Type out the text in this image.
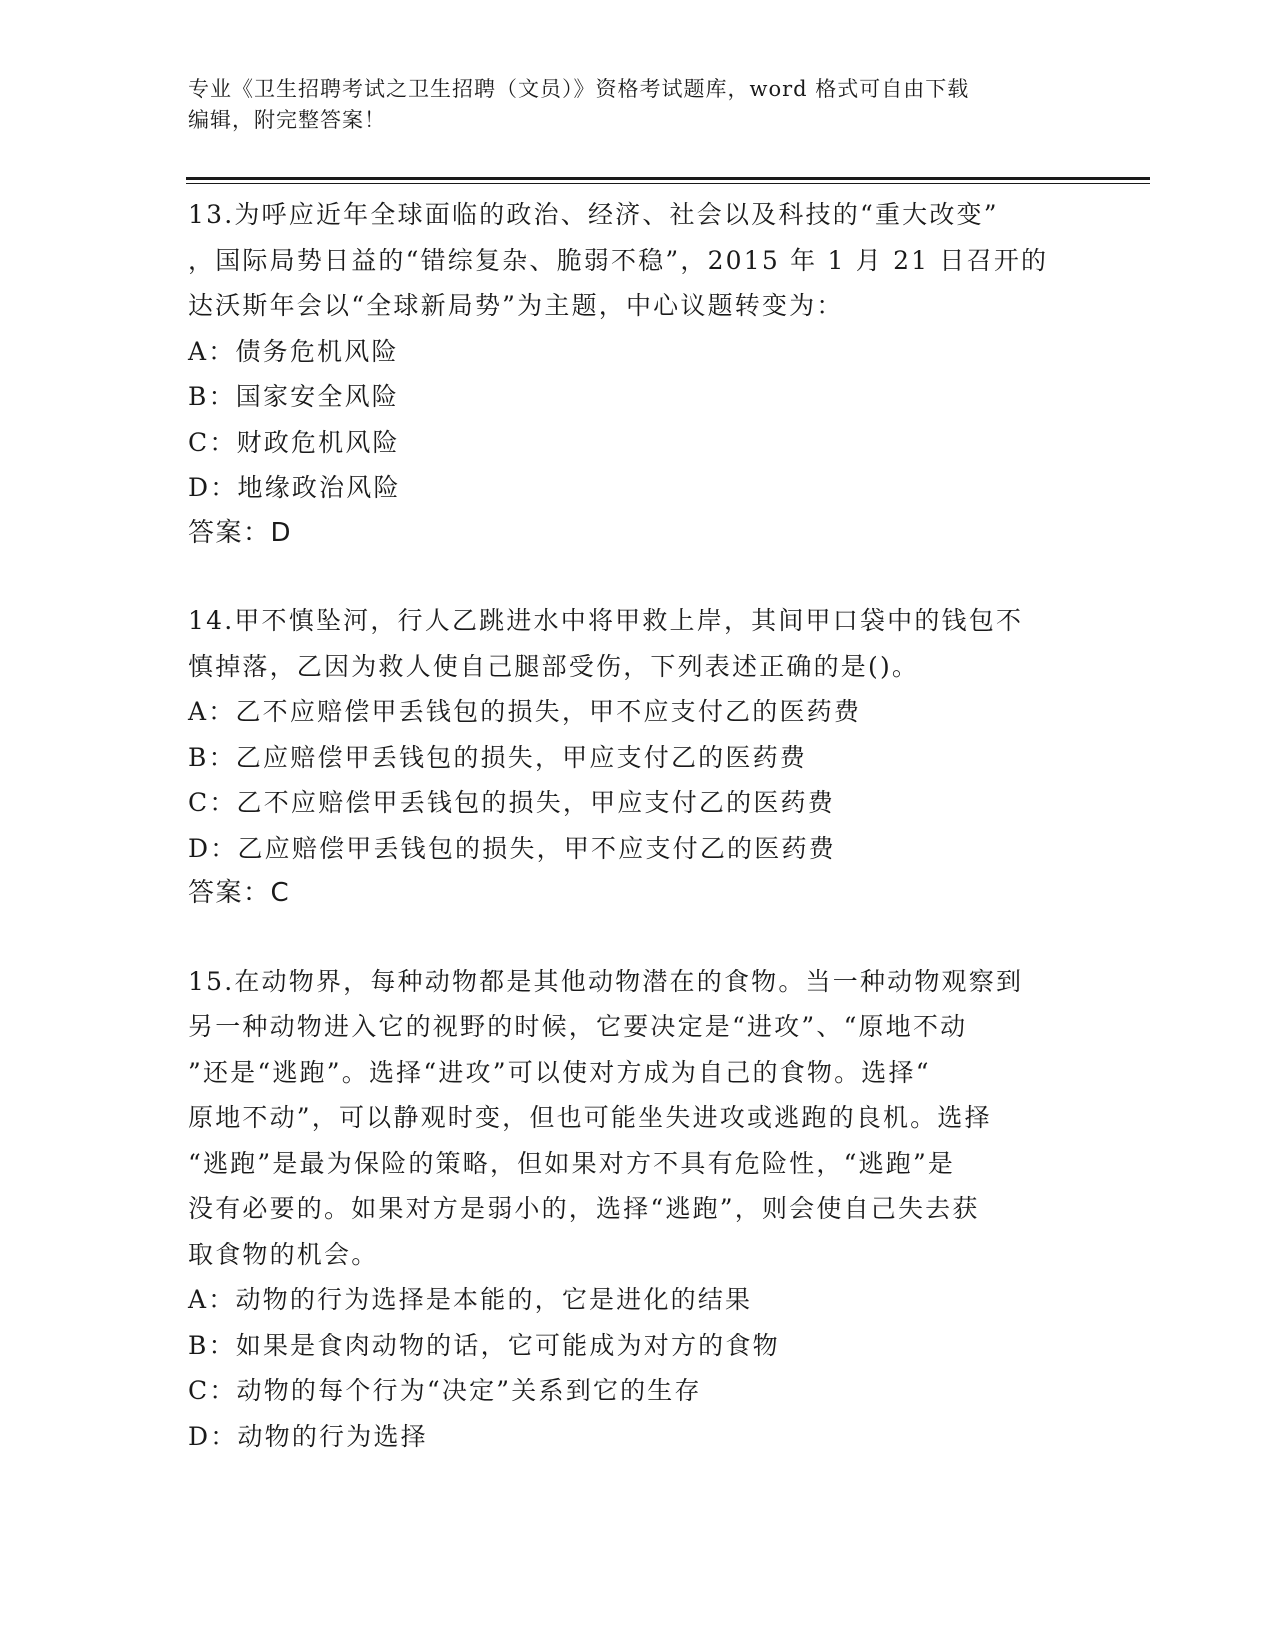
专业《卫生招聘考试之卫生招聘（文员）》资格考试题库，word 格式可自由下载
编辑，附完整答案！
13.为呼应近年全球面临的政治、经济、社会以及科技的“重大改变”
，国际局势日益的“错综复杂、脆弱不稳”，2015 年 1 月 21 日召开的
达沃斯年会以“全球新局势”为主题，中心议题转变为：
A：债务危机风险
B：国家安全风险
C：财政危机风险
D：地缘政治风险
答案：D
14.甲不慎坠河，行人乙跳进水中将甲救上岸，其间甲口袋中的钱包不
慎掉落，乙因为救人使自己腿部受伤，下列表述正确的是()。
A：乙不应赔偿甲丢钱包的损失，甲不应支付乙的医药费
B：乙应赔偿甲丢钱包的损失，甲应支付乙的医药费
C：乙不应赔偿甲丢钱包的损失，甲应支付乙的医药费
D：乙应赔偿甲丢钱包的损失，甲不应支付乙的医药费
答案：C
15.在动物界，每种动物都是其他动物潜在的食物。当一种动物观察到
另一种动物进入它的视野的时候，它要决定是“进攻”、“原地不动
”还是“逃跑”。选择“进攻”可以使对方成为自己的食物。选择“
原地不动”，可以静观时变，但也可能坐失进攻或逃跑的良机。选择
“逃跑”是最为保险的策略，但如果对方不具有危险性，“逃跑”是
没有必要的。如果对方是弱小的，选择“逃跑”，则会使自己失去获
取食物的机会。
A：动物的行为选择是本能的，它是进化的结果
B：如果是食肉动物的话，它可能成为对方的食物
C：动物的每个行为“决定”关系到它的生存
D：动物的行为选择
